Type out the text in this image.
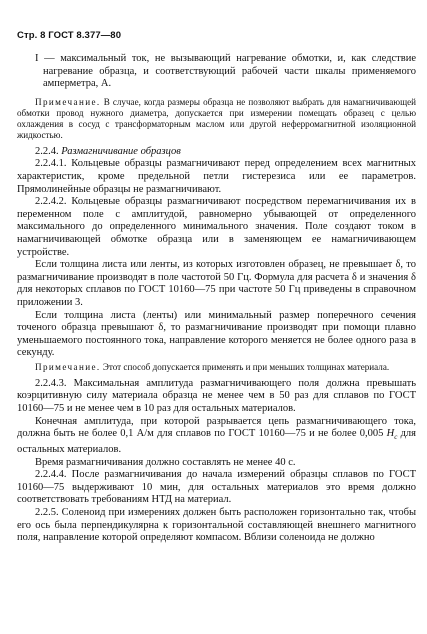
Стр. 8 ГОСТ 8.377—80

I — максимальный ток, не вызывающий нагревание обмотки, и, как следствие нагревание образца, и соответствующий рабочей части шкалы применяемого амперметра, А.

Примечание. В случае, когда размеры образца не позволяют выбрать для намагничивающей обмотки провод нужного диаметра, допускается при измерении помещать образец с целью охлаждения в сосуд с трансформаторным маслом или другой неферромагнитной изоляционной жидкостью.

2.2.4. Размагничивание образцов

2.2.4.1. Кольцевые образцы размагничивают перед определением всех магнитных характеристик, кроме предельной петли гистерезиса или ее параметров. Прямолинейные образцы не размагничивают.

2.2.4.2. Кольцевые образцы размагничивают посредством перемагничивания их в переменном поле с амплитудой, равномерно убывающей от определенного максимального до определенного минимального значения. Поле создают током в намагничивающей обмотке образца или в заменяющем ее намагничивающем устройстве.

Если толщина листа или ленты, из которых изготовлен образец, не превышает δ, то размагничивание производят в поле частотой 50 Гц. Формула для расчета δ и значения δ для некоторых сплавов по ГОСТ 10160—75 при частоте 50 Гц приведены в справочном приложении 3.

Если толщина листа (ленты) или минимальный размер поперечного сечения точеного образца превышают δ, то размагничивание производят при помощи плавно уменьшаемого постоянного тока, направление которого меняется не более одного раза в секунду.

Примечание. Этот способ допускается применять и при меньших толщинах материала.

2.2.4.3. Максимальная амплитуда размагничивающего поля должна превышать коэрцитивную силу материала образца не менее чем в 50 раз для сплавов по ГОСТ 10160—75 и не менее чем в 10 раз для остальных материалов.

Конечная амплитуда, при которой разрывается цепь размагничивающего тока, должна быть не более 0,1 А/м для сплавов по ГОСТ 10160—75 и не более 0,005 $H_c$ для остальных материалов.

Время размагничивания должно составлять не менее 40 с.

2.2.4.4. После размагничивания до начала измерений образцы сплавов по ГОСТ 10160—75 выдерживают 10 мин, для остальных материалов это время должно соответствовать требованиям НТД на материал.

2.2.5. Соленоид при измерениях должен быть расположен горизонтально так, чтобы его ось была перпендикулярна к горизонтальной составляющей внешнего магнитного поля, направление которой определяют компасом. Вблизи соленоида не должно
